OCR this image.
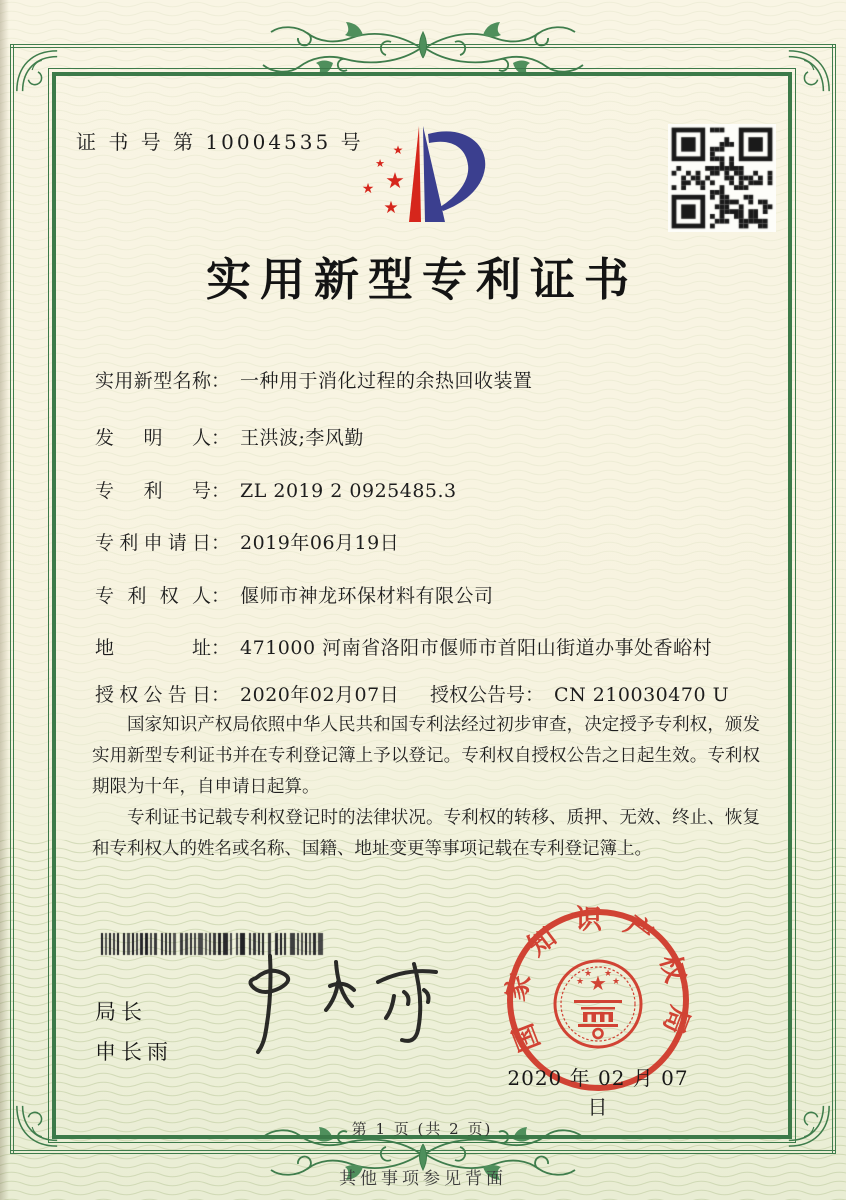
证 书 号 第 10004535 号 ★
★
★
★
★
实用新型专利证书
实用新型名称： 一种用于消化过程的余热回收装置
发明人： 王洪波;李风勤
专利号： ZL 2019 2 0925485.3
专利申请日： 2019年06月19日
专利权人： 偃师市神龙环保材料有限公司
地址： 471000 河南省洛阳市偃师市首阳山街道办事处香峪村
授权公告日： 2020年02月07日 授权公告号： CN 210030470 U

国家知识产权局依照中华人民共和国专利法经过初步审查，决定授予专利权，颁发实用新型专利证书并在专利登记簿上予以登记。专利权自授权公告之日起生效。专利权期限为十年，自申请日起算。

专利证书记载专利权登记时的法律状况。专利权的转移、质押、无效、终止、恢复和专利权人的姓名或名称、国籍、地址变更等事项记载在专利登记簿上。

局长
申长雨	国家知识产权局
★
★
★ ★
★
2020 年 02 月 07 日
第 1 页 (共 2 页)
其他事项参见背面
